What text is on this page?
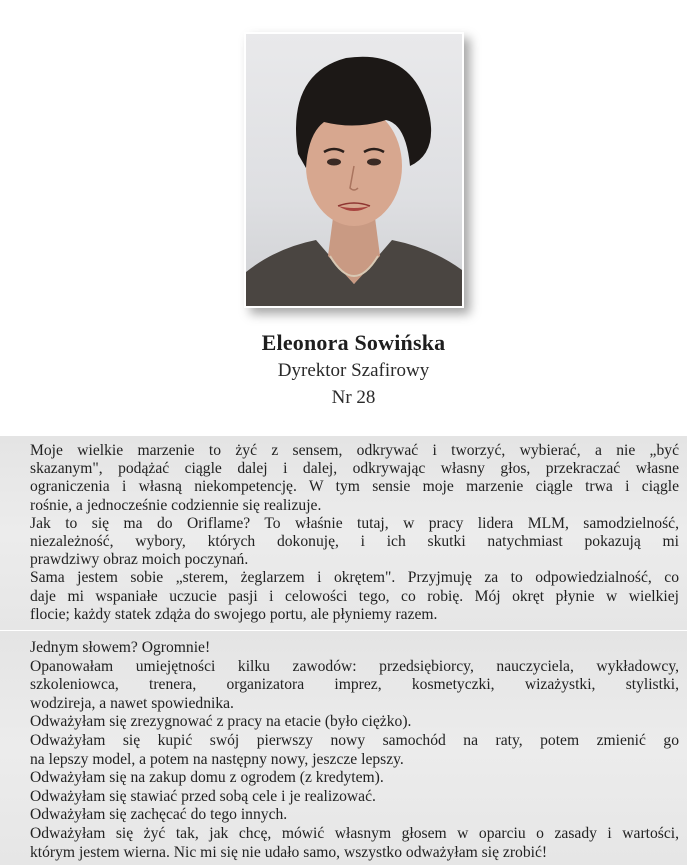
Eleonora Sowińska
Dyrektor Szafirowy
Nr 28

Moje wielkie marzenie to żyć z sensem, odkrywać i tworzyć, wybierać, a nie „być
skazanym", podążać ciągle dalej i dalej, odkrywając własny głos, przekraczać własne
ograniczenia i własną niekompetencję. W tym sensie moje marzenie ciągle trwa i ciągle
rośnie, a jednocześnie codziennie się realizuje.

Jak to się ma do Oriflame? To właśnie tutaj, w pracy lidera MLM, samodzielność,
niezależność, wybory, których dokonuję, i ich skutki natychmiast pokazują mi
prawdziwy obraz moich poczynań.

Sama jestem sobie „sterem, żeglarzem i okrętem". Przyjmuję za to odpowiedzialność, co
daje mi wspaniałe uczucie pasji i celowości tego, co robię. Mój okręt płynie w wielkiej
flocie; każdy statek zdąża do swojego portu, ale płyniemy razem.

Jednym słowem? Ogromnie!

Opanowałam umiejętności kilku zawodów: przedsiębiorcy, nauczyciela, wykładowcy,
szkoleniowca, trenera, organizatora imprez, kosmetyczki, wizażystki, stylistki,
wodzireja, a nawet spowiednika.

Odważyłam się zrezygnować z pracy na etacie (było ciężko).

Odważyłam się kupić swój pierwszy nowy samochód na raty, potem zmienić go
na lepszy model, a potem na następny nowy, jeszcze lepszy.

Odważyłam się na zakup domu z ogrodem (z kredytem).

Odważyłam się stawiać przed sobą cele i je realizować.

Odważyłam się zachęcać do tego innych.

Odważyłam się żyć tak, jak chcę, mówić własnym głosem w oparciu o zasady i wartości,
którym jestem wierna. Nic mi się nie udało samo, wszystko odważyłam się zrobić!
